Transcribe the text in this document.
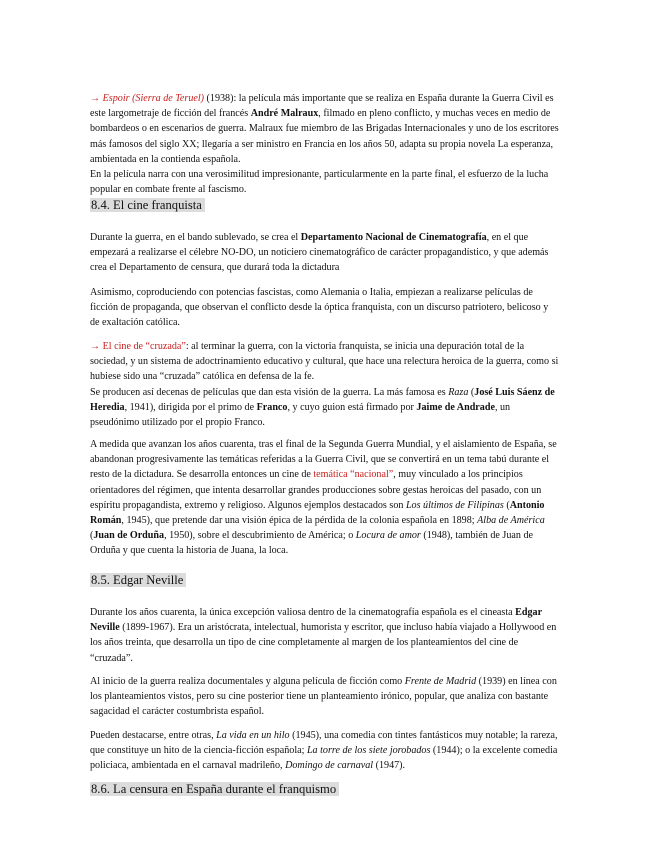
→ Espoir (Sierra de Teruel) (1938): la película más importante que se realiza en España durante la Guerra Civil es este largometraje de ficción del francés André Malraux, filmado en pleno conflicto, y muchas veces en medio de bombardeos o en escenarios de guerra. Malraux fue miembro de las Brigadas Internacionales y uno de los escritores más famosos del siglo XX; llegaría a ser ministro en Francia en los años 50, adapta su propia novela La esperanza, ambientada en la contienda española.

En la película narra con una verosimilitud impresionante, particularmente en la parte final, el esfuerzo de la lucha popular en combate frente al fascismo.

8.4. El cine franquista

Durante la guerra, en el bando sublevado, se crea el Departamento Nacional de Cinematografía, en el que empezará a realizarse el célebre NO-DO, un noticiero cinematográfico de carácter propagandístico, y que además crea el Departamento de censura, que durará toda la dictadura

Asimismo, coproduciendo con potencias fascistas, como Alemania o Italia, empiezan a realizarse películas de ficción de propaganda, que observan el conflicto desde la óptica franquista, con un discurso patriotero, belicoso y de exaltación católica.

→ El cine de “cruzada”: al terminar la guerra, con la victoria franquista, se inicia una depuración total de la sociedad, y un sistema de adoctrinamiento educativo y cultural, que hace una relectura heroica de la guerra, como si hubiese sido una “cruzada” católica en defensa de la fe.

Se producen así decenas de películas que dan esta visión de la guerra. La más famosa es Raza (José Luis Sáenz de Heredia, 1941), dirigida por el primo de Franco, y cuyo guion está firmado por Jaime de Andrade, un pseudónimo utilizado por el propio Franco.

A medida que avanzan los años cuarenta, tras el final de la Segunda Guerra Mundial, y el aislamiento de España, se abandonan progresivamente las temáticas referidas a la Guerra Civil, que se convertirá en un tema tabú durante el resto de la dictadura. Se desarrolla entonces un cine de temática “nacional”, muy vinculado a los principios orientadores del régimen, que intenta desarrollar grandes producciones sobre gestas heroicas del pasado, con un espíritu propagandista, extremo y religioso. Algunos ejemplos destacados son Los últimos de Filipinas (Antonio Román, 1945), que pretende dar una visión épica de la pérdida de la colonia española en 1898; Alba de América (Juan de Orduña, 1950), sobre el descubrimiento de América; o Locura de amor (1948), también de Juan de Orduña y que cuenta la historia de Juana, la loca.

8.5. Edgar Neville

Durante los años cuarenta, la única excepción valiosa dentro de la cinematografía española es el cineasta Edgar Neville (1899-1967). Era un aristócrata, intelectual, humorista y escritor, que incluso había viajado a Hollywood en los años treinta, que desarrolla un tipo de cine completamente al margen de los planteamientos del cine de “cruzada”.

Al inicio de la guerra realiza documentales y alguna película de ficción como Frente de Madrid (1939) en línea con los planteamientos vistos, pero su cine posterior tiene un planteamiento irónico, popular, que analiza con bastante sagacidad el carácter costumbrista español.

Pueden destacarse, entre otras, La vida en un hilo (1945), una comedia con tintes fantásticos muy notable; la rareza, que constituye un hito de la ciencia-ficción española; La torre de los siete jorobados (1944); o la excelente comedia policiaca, ambientada en el carnaval madrileño, Domingo de carnaval (1947).

8.6. La censura en España durante el franquismo
